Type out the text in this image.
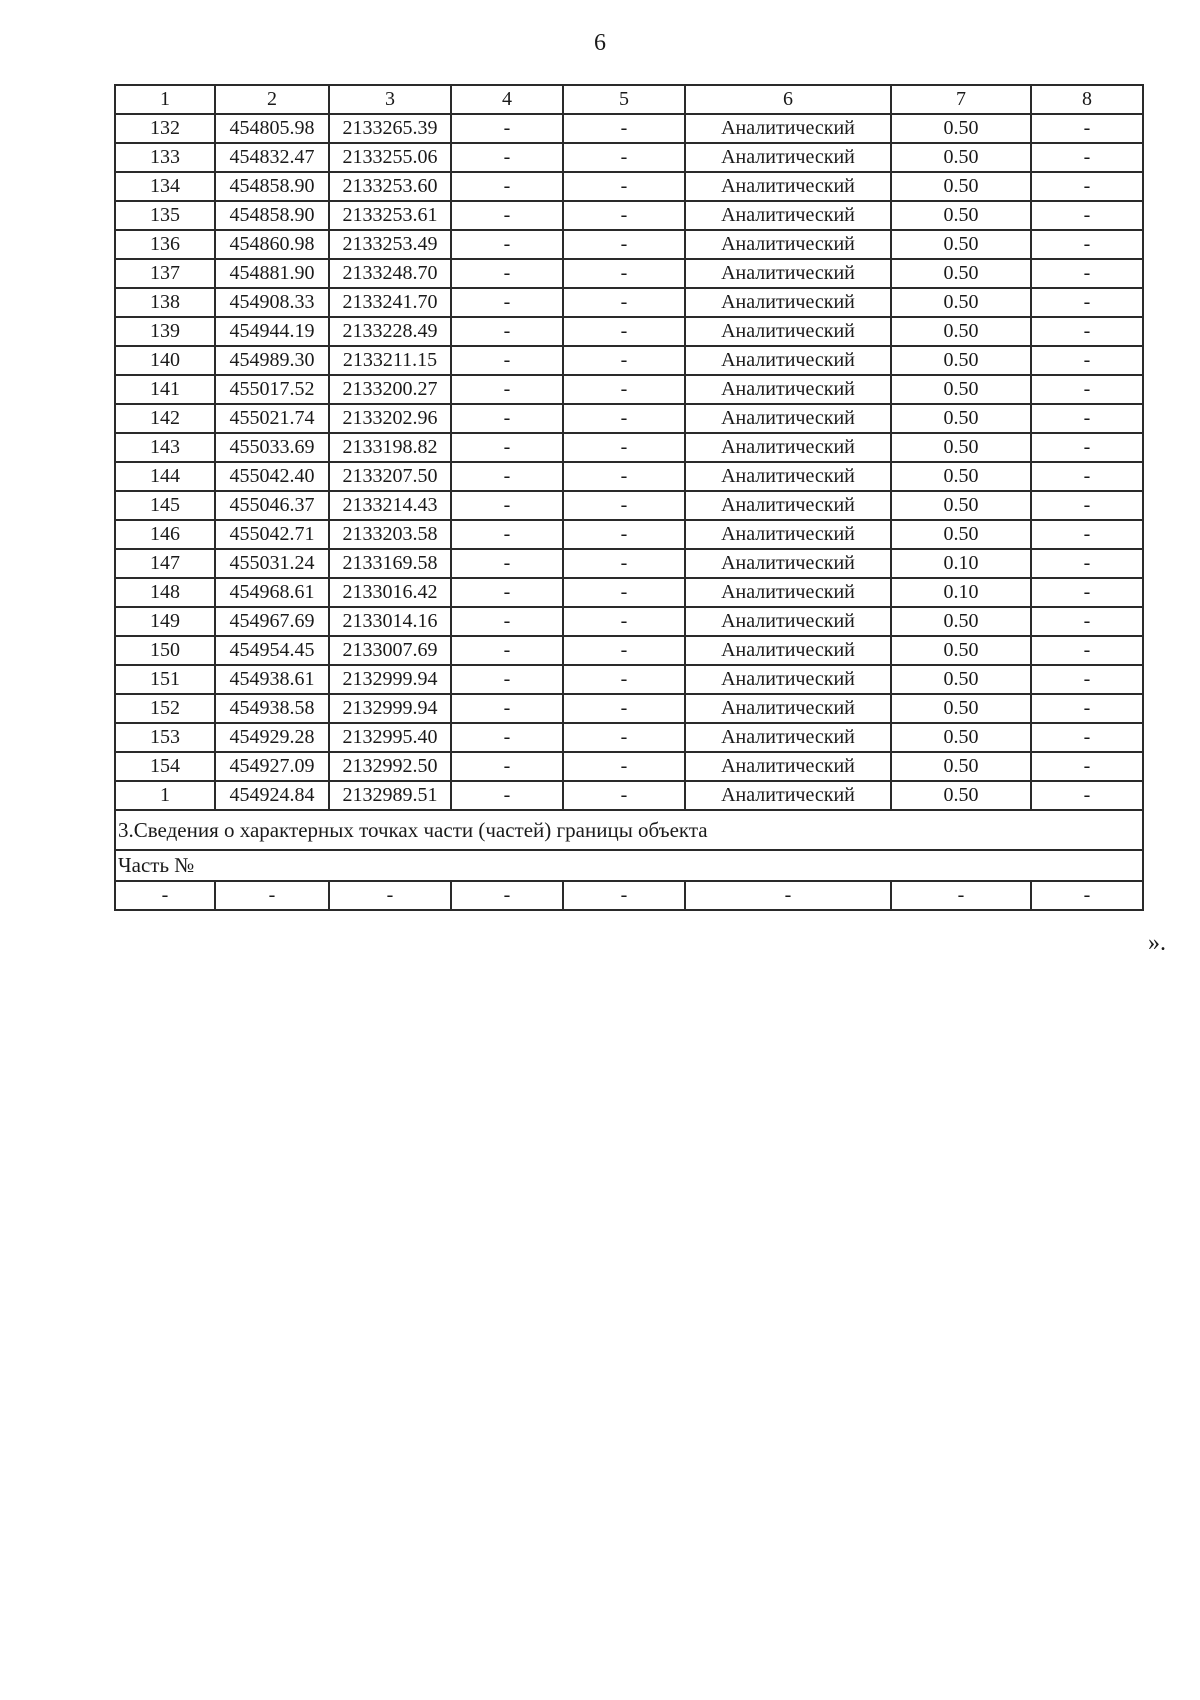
6
1	2	3	4	5	6	7	8
132	454805.98	2133265.39	-	-	Аналитический	0.50	-
133	454832.47	2133255.06	-	-	Аналитический	0.50	-
134	454858.90	2133253.60	-	-	Аналитический	0.50	-
135	454858.90	2133253.61	-	-	Аналитический	0.50	-
136	454860.98	2133253.49	-	-	Аналитический	0.50	-
137	454881.90	2133248.70	-	-	Аналитический	0.50	-
138	454908.33	2133241.70	-	-	Аналитический	0.50	-
139	454944.19	2133228.49	-	-	Аналитический	0.50	-
140	454989.30	2133211.15	-	-	Аналитический	0.50	-
141	455017.52	2133200.27	-	-	Аналитический	0.50	-
142	455021.74	2133202.96	-	-	Аналитический	0.50	-
143	455033.69	2133198.82	-	-	Аналитический	0.50	-
144	455042.40	2133207.50	-	-	Аналитический	0.50	-
145	455046.37	2133214.43	-	-	Аналитический	0.50	-
146	455042.71	2133203.58	-	-	Аналитический	0.50	-
147	455031.24	2133169.58	-	-	Аналитический	0.10	-
148	454968.61	2133016.42	-	-	Аналитический	0.10	-
149	454967.69	2133014.16	-	-	Аналитический	0.50	-
150	454954.45	2133007.69	-	-	Аналитический	0.50	-
151	454938.61	2132999.94	-	-	Аналитический	0.50	-
152	454938.58	2132999.94	-	-	Аналитический	0.50	-
153	454929.28	2132995.40	-	-	Аналитический	0.50	-
154	454927.09	2132992.50	-	-	Аналитический	0.50	-
1	454924.84	2132989.51	-	-	Аналитический	0.50	-
3.Сведения о характерных точках части (частей) границы объекта							
Часть №							
-	-	-	-	-	-	-	-
».
